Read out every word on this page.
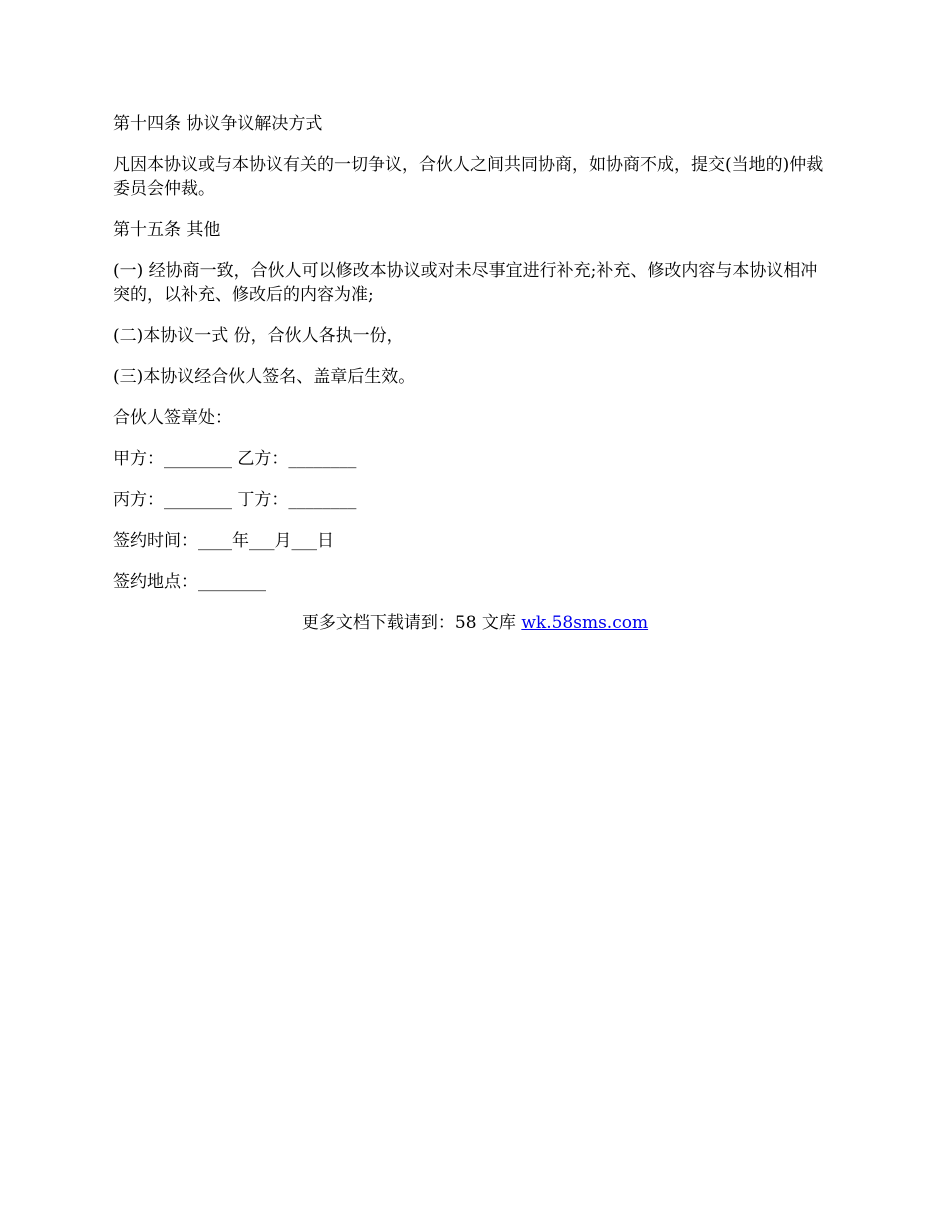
第十四条 协议争议解决方式

凡因本协议或与本协议有关的一切争议，合伙人之间共同协商，如协商不成，提交(当地的)仲裁委员会仲裁。

第十五条 其他

(一) 经协商一致，合伙人可以修改本协议或对未尽事宜进行补充;补充、修改内容与本协议相冲突的，以补充、修改后的内容为准;

(二)本协议一式 份，合伙人各执一份，

(三)本协议经合伙人签名、盖章后生效。

合伙人签章处：

甲方：________ 乙方：________

丙方：________ 丁方：________

签约时间：____年___月___日

签约地点：________

更多文档下载请到：58 文库 wk.58sms.com
